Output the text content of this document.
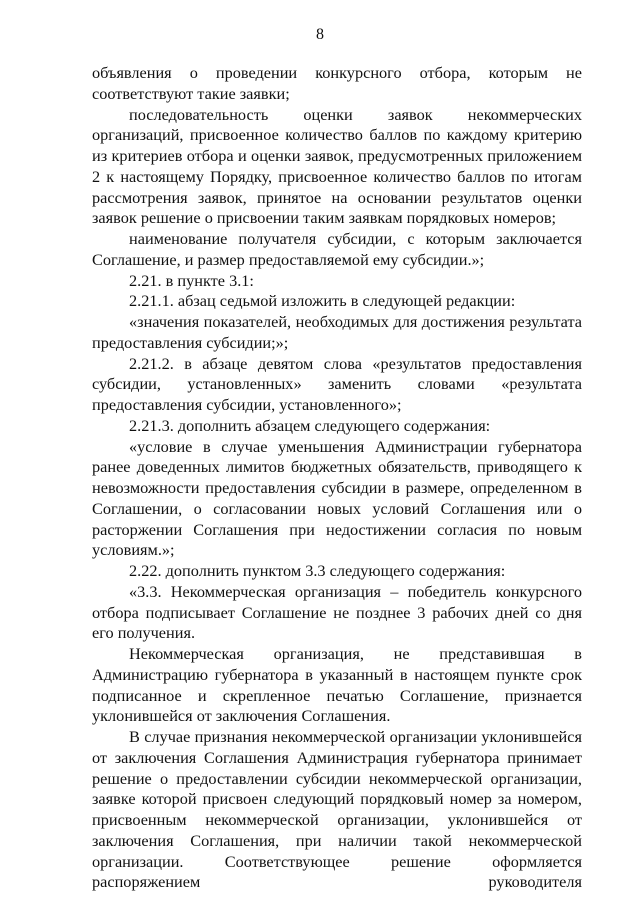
8

объявления о проведении конкурсного отбора, которым не соответствуют такие заявки;

последовательность оценки заявок некоммерческих организаций, присвоенное количество баллов по каждому критерию из критериев отбора и оценки заявок, предусмотренных приложением 2 к настоящему Порядку, присвоенное количество баллов по итогам рассмотрения заявок, принятое на основании результатов оценки заявок решение о присвоении таким заявкам порядковых номеров;

наименование получателя субсидии, с которым заключается Соглашение, и размер предоставляемой ему субсидии.»;

2.21. в пункте 3.1:

2.21.1. абзац седьмой изложить в следующей редакции:

«значения показателей, необходимых для достижения результата предоставления субсидии;»;

2.21.2. в абзаце девятом слова «результатов предоставления субсидии, установленных» заменить словами «результата предоставления субсидии, установленного»;

2.21.3. дополнить абзацем следующего содержания:

«условие в случае уменьшения Администрации губернатора ранее доведенных лимитов бюджетных обязательств, приводящего к невозможности предоставления субсидии в размере, определенном в Соглашении, о согласовании новых условий Соглашения или о расторжении Соглашения при недостижении согласия по новым условиям.»;

2.22. дополнить пунктом 3.3 следующего содержания:

«3.3. Некоммерческая организация – победитель конкурсного отбора подписывает Соглашение не позднее 3 рабочих дней со дня его получения.

Некоммерческая организация, не представившая в Администрацию губернатора в указанный в настоящем пункте срок подписанное и скрепленное печатью Соглашение, признается уклонившейся от заключения Соглашения.

В случае признания некоммерческой организации уклонившейся от заключения Соглашения Администрация губернатора принимает решение о предоставлении субсидии некоммерческой организации, заявке которой присвоен следующий порядковый номер за номером, присвоенным некоммерческой организации, уклонившейся от заключения Соглашения, при наличии такой некоммерческой организации. Соответствующее решение оформляется распоряжением руководителя
